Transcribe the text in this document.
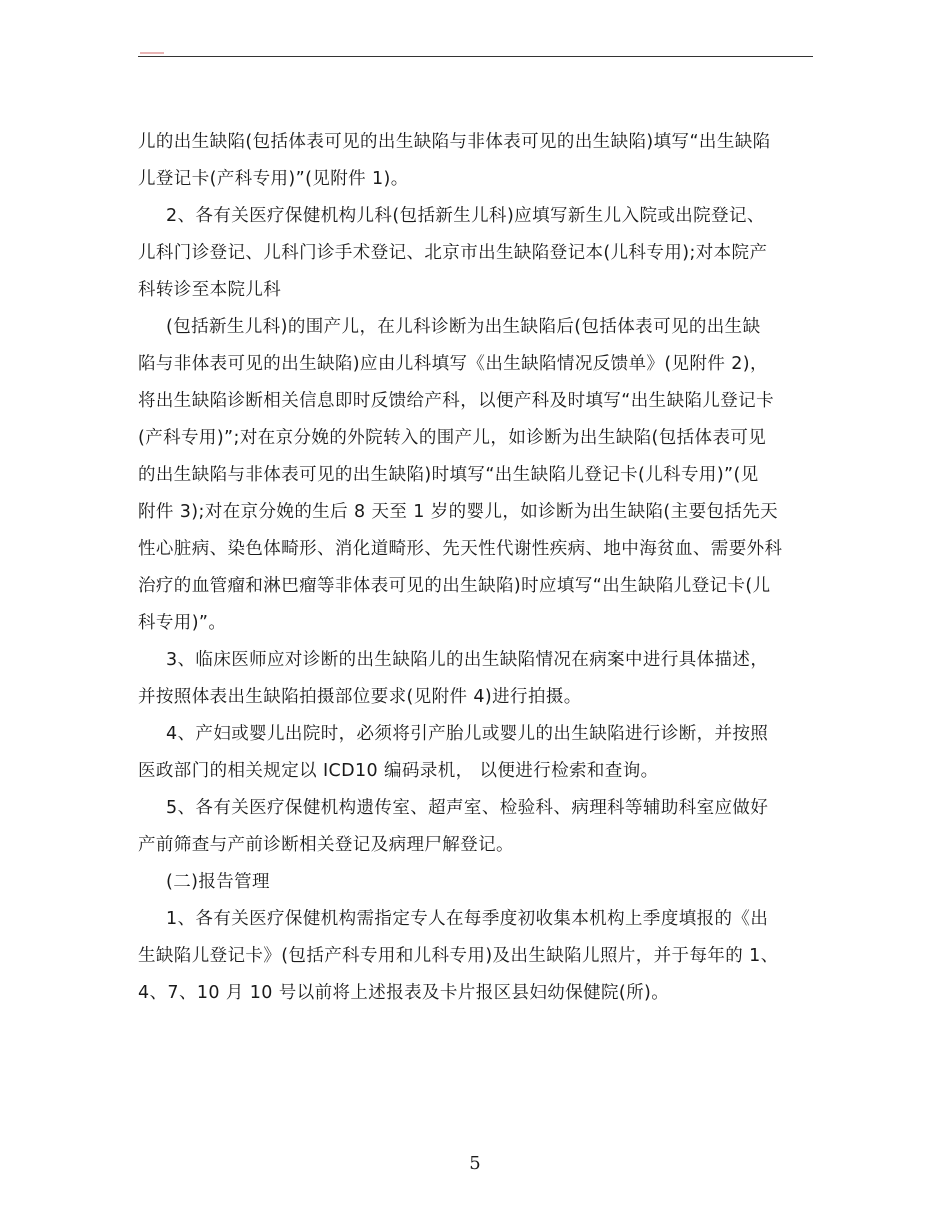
儿的出生缺陷(包括体表可见的出生缺陷与非体表可见的出生缺陷)填写“出生缺陷
儿登记卡(产科专用)”(见附件 1)。
2、各有关医疗保健机构儿科(包括新生儿科)应填写新生儿入院或出院登记、
儿科门诊登记、儿科门诊手术登记、北京市出生缺陷登记本(儿科专用);对本院产
科转诊至本院儿科
(包括新生儿科)的围产儿，在儿科诊断为出生缺陷后(包括体表可见的出生缺
陷与非体表可见的出生缺陷)应由儿科填写《出生缺陷情况反馈单》(见附件 2)，
将出生缺陷诊断相关信息即时反馈给产科，以便产科及时填写“出生缺陷儿登记卡
(产科专用)”;对在京分娩的外院转入的围产儿，如诊断为出生缺陷(包括体表可见
的出生缺陷与非体表可见的出生缺陷)时填写“出生缺陷儿登记卡(儿科专用)”(见
附件 3);对在京分娩的生后 8 天至 1 岁的婴儿，如诊断为出生缺陷(主要包括先天
性心脏病、染色体畸形、消化道畸形、先天性代谢性疾病、地中海贫血、需要外科
治疗的血管瘤和淋巴瘤等非体表可见的出生缺陷)时应填写“出生缺陷儿登记卡(儿
科专用)”。
3、临床医师应对诊断的出生缺陷儿的出生缺陷情况在病案中进行具体描述，
并按照体表出生缺陷拍摄部位要求(见附件 4)进行拍摄。
4、产妇或婴儿出院时，必须将引产胎儿或婴儿的出生缺陷进行诊断，并按照
医政部门的相关规定以 ICD10 编码录机， 以便进行检索和查询。
5、各有关医疗保健机构遗传室、超声室、检验科、病理科等辅助科室应做好
产前筛查与产前诊断相关登记及病理尸解登记。
(二)报告管理
1、各有关医疗保健机构需指定专人在每季度初收集本机构上季度填报的《出
生缺陷儿登记卡》(包括产科专用和儿科专用)及出生缺陷儿照片，并于每年的 1、
4、7、10 月 10 号以前将上述报表及卡片报区县妇幼保健院(所)。
5
